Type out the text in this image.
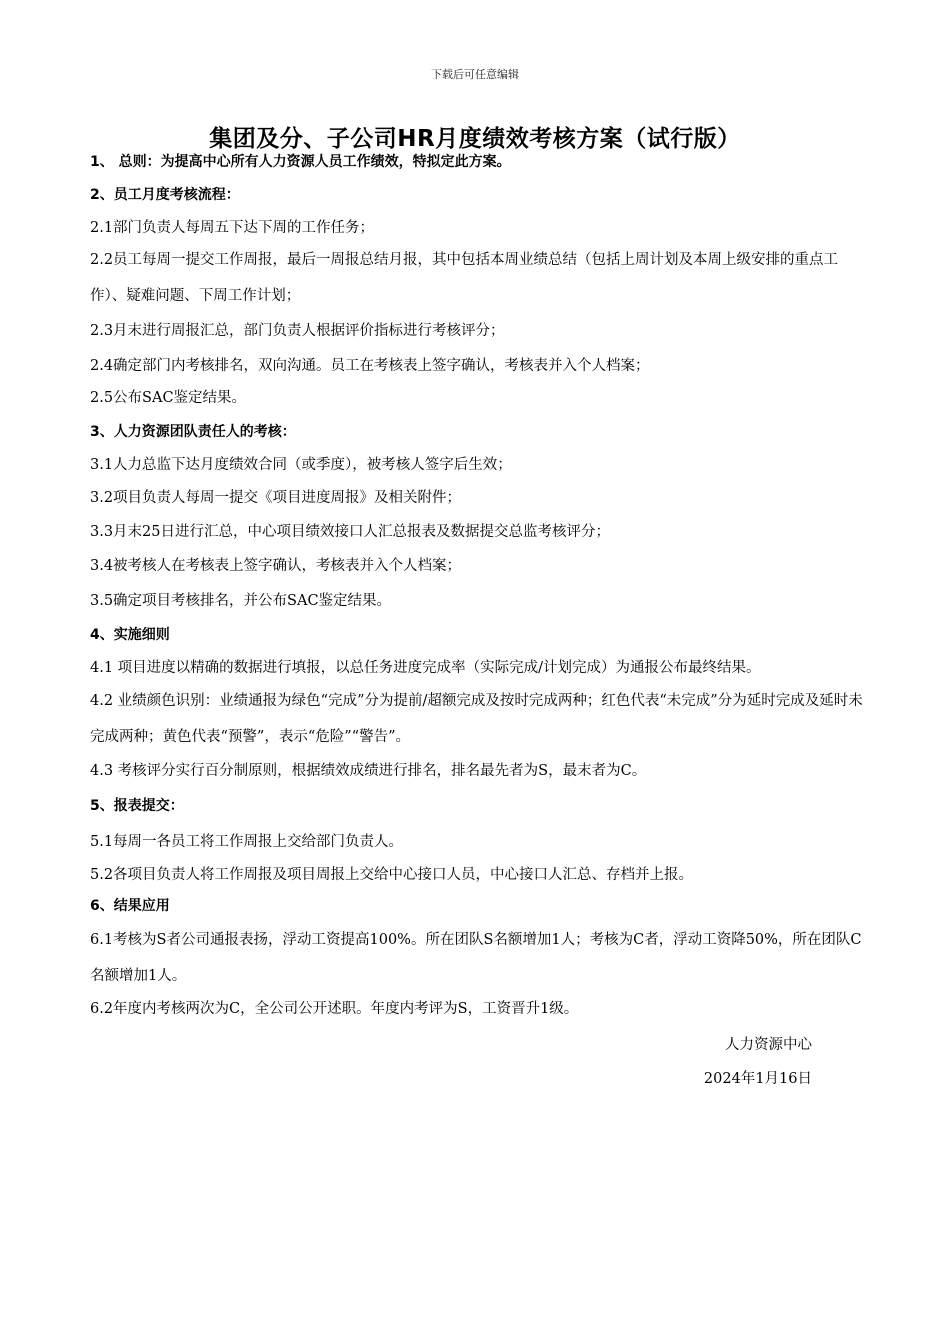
下载后可任意编辑
集团及分、子公司HR月度绩效考核方案（试行版）
1、 总则：为提高中心所有人力资源人员工作绩效，特拟定此方案。
2、员工月度考核流程：
2.1部门负责人每周五下达下周的工作任务；
2.2员工每周一提交工作周报，最后一周报总结月报，其中包括本周业绩总结（包括上周计划及本周上级安排的重点工作）、疑难问题、下周工作计划；
2.3月末进行周报汇总，部门负责人根据评价指标进行考核评分；
2.4确定部门内考核排名，双向沟通。员工在考核表上签字确认，考核表并入个人档案；
2.5公布SAC鉴定结果。
3、人力资源团队责任人的考核：
3.1人力总监下达月度绩效合同（或季度），被考核人签字后生效；
3.2项目负责人每周一提交《项目进度周报》及相关附件；
3.3月末25日进行汇总，中心项目绩效接口人汇总报表及数据提交总监考核评分；
3.4被考核人在考核表上签字确认，考核表并入个人档案；
3.5确定项目考核排名，并公布SAC鉴定结果。
4、实施细则
4.1 项目进度以精确的数据进行填报，以总任务进度完成率（实际完成/计划完成）为通报公布最终结果。
4.2 业绩颜色识别：业绩通报为绿色“完成”分为提前/超额完成及按时完成两种；红色代表“未完成”分为延时完成及延时未完成两种；黄色代表“预警”，表示“危险”“警告”。
4.3 考核评分实行百分制原则，根据绩效成绩进行排名，排名最先者为S，最末者为C。
5、报表提交：
5.1每周一各员工将工作周报上交给部门负责人。
5.2各项目负责人将工作周报及项目周报上交给中心接口人员，中心接口人汇总、存档并上报。
6、结果应用
6.1考核为S者公司通报表扬，浮动工资提高100%。所在团队S名额增加1人；考核为C者，浮动工资降50%，所在团队C名额增加1人。
6.2年度内考核两次为C，全公司公开述职。年度内考评为S，工资晋升1级。
人力资源中心
2024年1月16日
